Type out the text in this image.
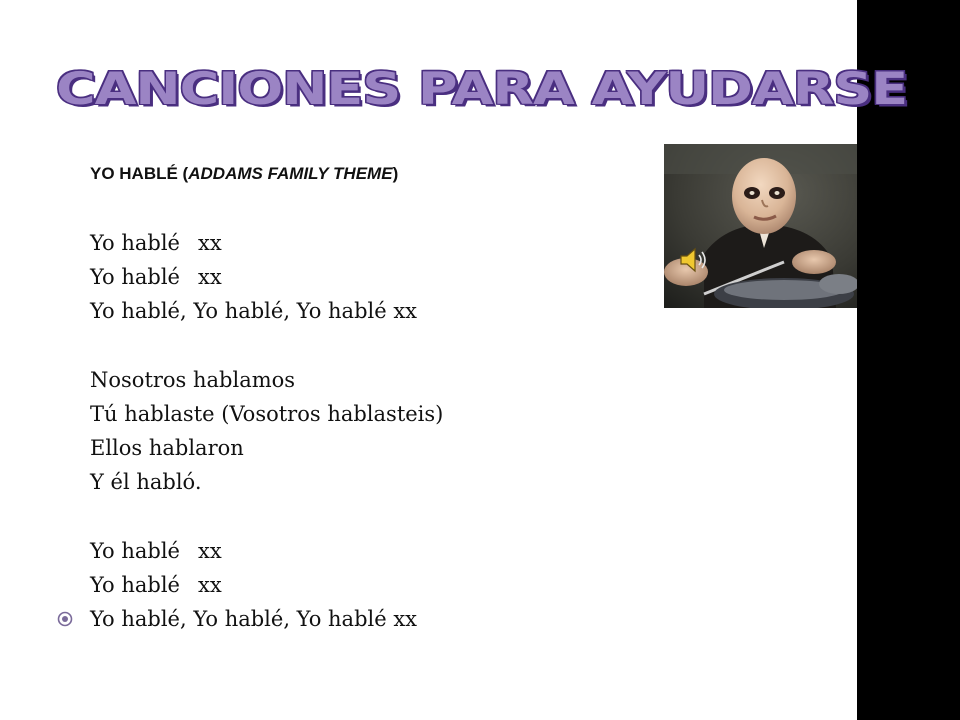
CANCIONES PARA AYUDARSE
YO HABLÉ (ADDAMS FAMILY THEME)
Yo hablé xx
Yo hablé xx
Yo hablé, Yo hablé, Yo hablé xx
Nosotros hablamos
Tú hablaste (Vosotros hablasteis)
Ellos hablaron
Y él habló.
Yo hablé xx
Yo hablé xx
Yo hablé, Yo hablé, Yo hablé xx
